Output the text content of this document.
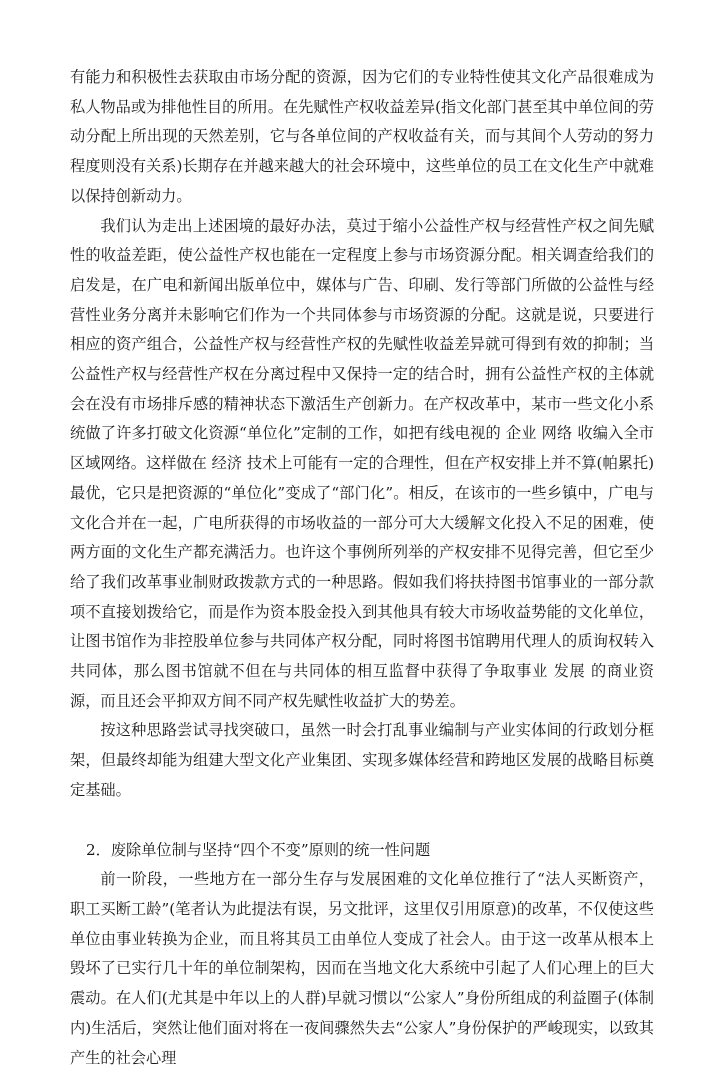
有能力和积极性去获取由市场分配的资源，因为它们的专业特性使其文化产品很难成为私人物品或为排他性目的所用。在先赋性产权收益差异(指文化部门甚至其中单位间的劳动分配上所出现的天然差别，它与各单位间的产权收益有关，而与其间个人劳动的努力程度则没有关系)长期存在并越来越大的社会环境中，这些单位的员工在文化生产中就难以保持创新动力。

我们认为走出上述困境的最好办法，莫过于缩小公益性产权与经营性产权之间先赋性的收益差距，使公益性产权也能在一定程度上参与市场资源分配。相关调查给我们的启发是，在广电和新闻出版单位中，媒体与广告、印刷、发行等部门所做的公益性与经营性业务分离并未影响它们作为一个共同体参与市场资源的分配。这就是说，只要进行相应的资产组合，公益性产权与经营性产权的先赋性收益差异就可得到有效的抑制；当公益性产权与经营性产权在分离过程中又保持一定的结合时，拥有公益性产权的主体就会在没有市场排斥感的精神状态下激活生产创新力。在产权改革中，某市一些文化小系统做了许多打破文化资源“单位化”定制的工作，如把有线电视的 企业 网络 收编入全市区域网络。这样做在 经济 技术上可能有一定的合理性，但在产权安排上并不算(帕累托)最优，它只是把资源的“单位化”变成了“部门化”。相反，在该市的一些乡镇中，广电与文化合并在一起，广电所获得的市场收益的一部分可大大缓解文化投入不足的困难，使两方面的文化生产都充满活力。也许这个事例所列举的产权安排不见得完善，但它至少给了我们改革事业制财政拨款方式的一种思路。假如我们将扶持图书馆事业的一部分款项不直接划拨给它，而是作为资本股金投入到其他具有较大市场收益势能的文化单位，让图书馆作为非控股单位参与共同体产权分配，同时将图书馆聘用代理人的质询权转入共同体，那么图书馆就不但在与共同体的相互监督中获得了争取事业 发展 的商业资源，而且还会平抑双方间不同产权先赋性收益扩大的势差。

按这种思路尝试寻找突破口，虽然一时会打乱事业编制与产业实体间的行政划分框架，但最终却能为组建大型文化产业集团、实现多媒体经营和跨地区发展的战略目标奠定基础。

2．废除单位制与坚持“四个不变”原则的统一性问题

前一阶段，一些地方在一部分生存与发展困难的文化单位推行了“法人买断资产，职工买断工龄”(笔者认为此提法有误，另文批评，这里仅引用原意)的改革，不仅使这些单位由事业转换为企业，而且将其员工由单位人变成了社会人。由于这一改革从根本上毁坏了已实行几十年的单位制架构，因而在当地文化大系统中引起了人们心理上的巨大震动。在人们(尤其是中年以上的人群)早就习惯以“公家人”身份所组成的利益圈子(体制内)生活后，突然让他们面对将在一夜间骤然失去“公家人”身份保护的严峻现实，以致其产生的社会心理
